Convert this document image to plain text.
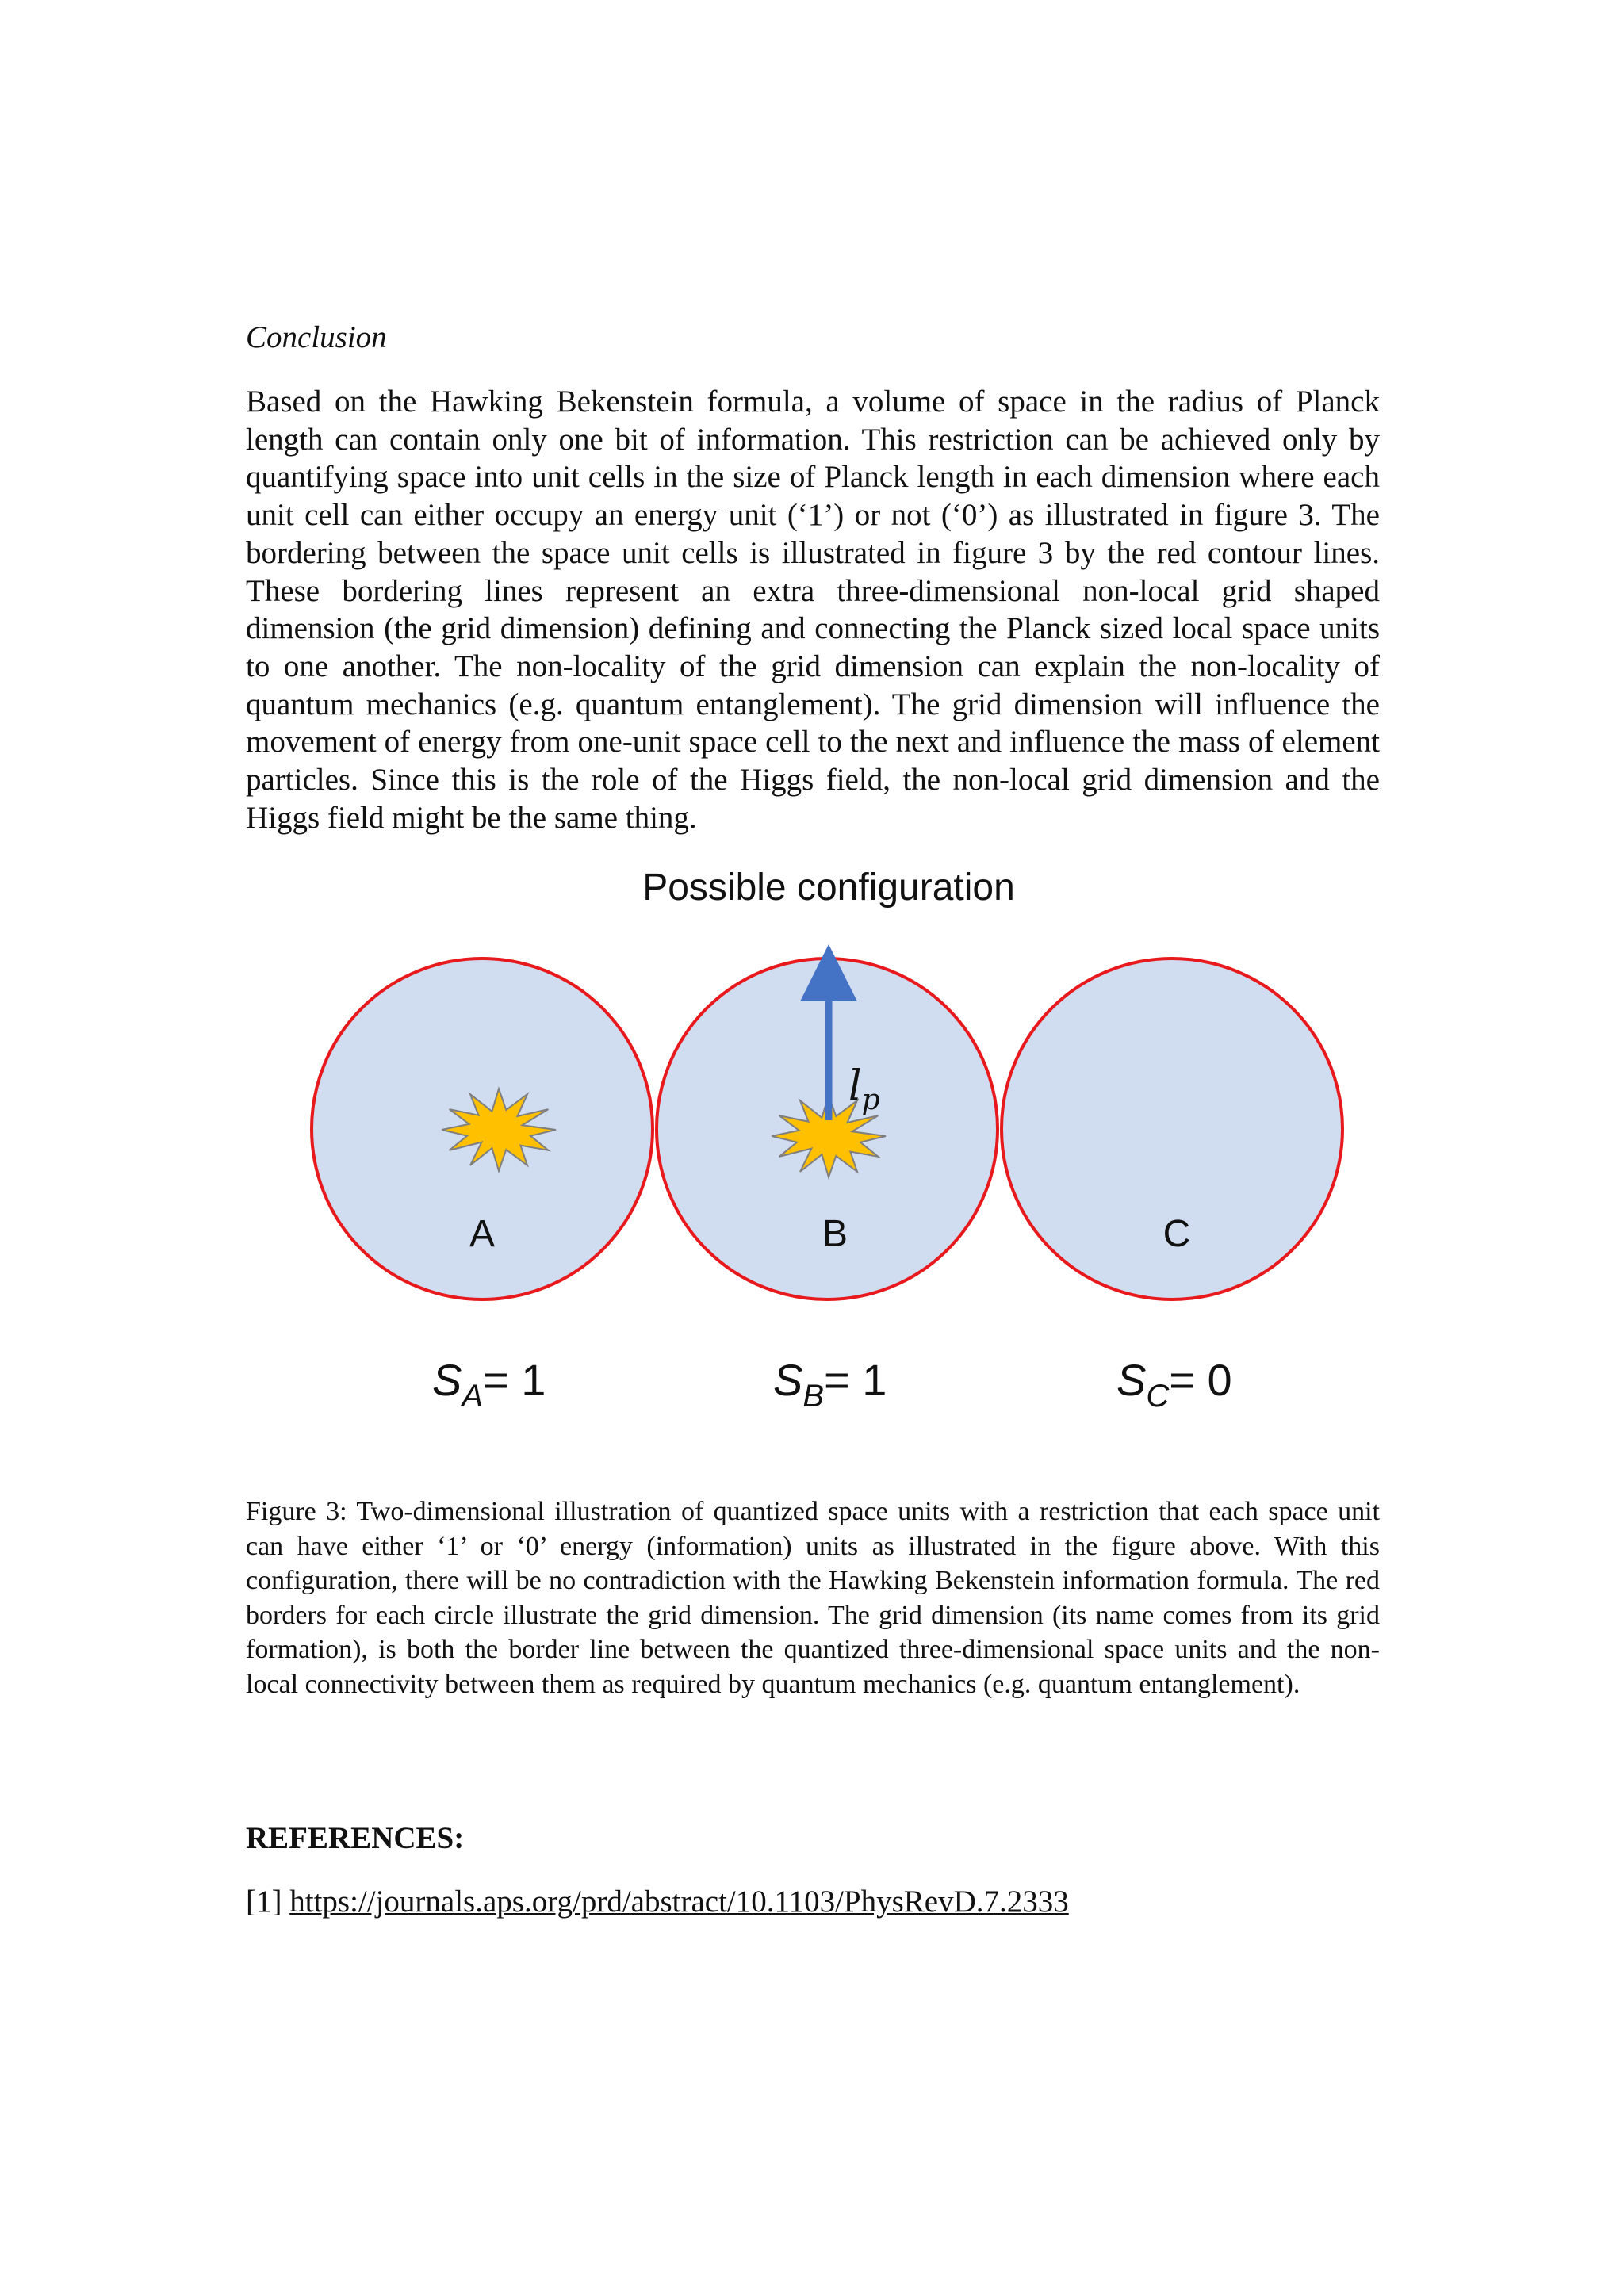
Conclusion

Based on the Hawking Bekenstein formula, a volume of space in the radius of Planck length can contain only one bit of information. This restriction can be achieved only by quantifying space into unit cells in the size of Planck length in each dimension where each unit cell can either occupy an energy unit (‘1’) or not (‘0’) as illustrated in figure 3. The bordering between the space unit cells is illustrated in figure 3 by the red contour lines. These bordering lines represent an extra three-dimensional non-local grid shaped dimension (the grid dimension) defining and connecting the Planck sized local space units to one another. The non-locality of the grid dimension can explain the non-locality of quantum mechanics (e.g. quantum entanglement). The grid dimension will influence the movement of energy from one-unit space cell to the next and influence the mass of element particles. Since this is the role of the Higgs field, the non-local grid dimension and the Higgs field might be the same thing.

Possible configuration
$l_p$
A	B	C
$S_A= 1$	$S_B= 1$	$S_C= 0$

Figure 3: Two-dimensional illustration of quantized space units with a restriction that each space unit can have either ‘1’ or ‘0’ energy (information) units as illustrated in the figure above. With this configuration, there will be no contradiction with the Hawking Bekenstein information formula. The red borders for each circle illustrate the grid dimension. The grid dimension (its name comes from its grid formation), is both the border line between the quantized three-dimensional space units and the non-local connectivity between them as required by quantum mechanics (e.g. quantum entanglement).

REFERENCES:
[1] https://journals.aps.org/prd/abstract/10.1103/PhysRevD.7.2333
